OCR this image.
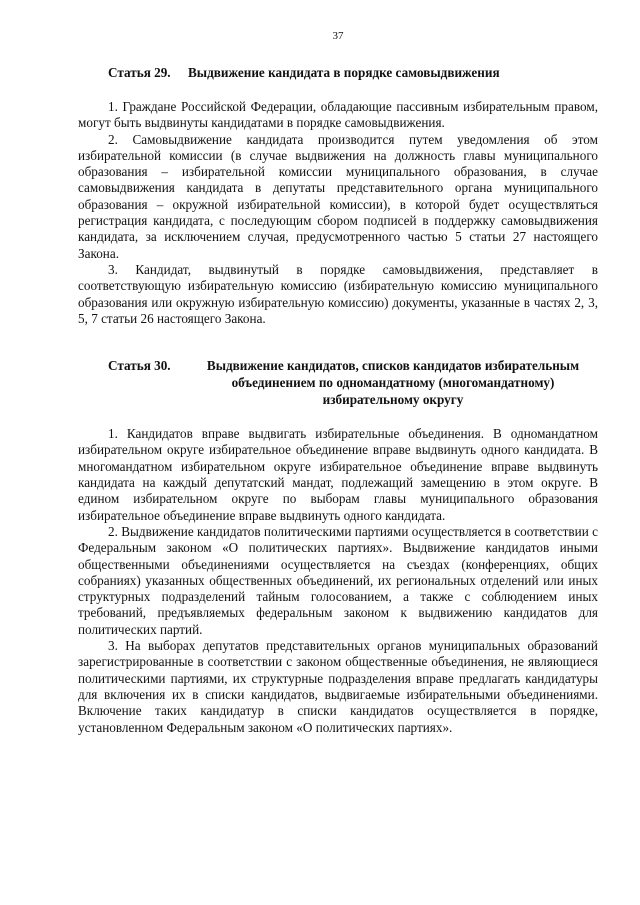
37
Статья 29.	Выдвижение кандидата в порядке самовыдвижения

1. Граждане Российской Федерации, обладающие пассивным избирательным правом, могут быть выдвинуты кандидатами в порядке самовыдвижения.

2. Самовыдвижение кандидата производится путем уведомления об этом избирательной комиссии (в случае выдвижения на должность главы муниципального образования – избирательной комиссии муниципального образования, в случае самовыдвижения кандидата в депутаты представительного органа муниципального образования – окружной избирательной комиссии), в которой будет осуществляться регистрация кандидата, с последующим сбором подписей в поддержку самовыдвижения кандидата, за исключением случая, предусмотренного частью 5 статьи 27 настоящего Закона.

3. Кандидат, выдвинутый в порядке самовыдвижения, представляет в соответствующую избирательную комиссию (избирательную комиссию муниципального образования или окружную избирательную комиссию) документы, указанные в частях 2, 3, 5, 7 статьи 26 настоящего Закона.

Статья 30.	Выдвижение кандидатов, списков кандидатов избирательным объединением по одномандатному (многомандатному) избирательному округу

1. Кандидатов вправе выдвигать избирательные объединения. В одномандатном избирательном округе избирательное объединение вправе выдвинуть одного кандидата. В многомандатном избирательном округе избирательное объединение вправе выдвинуть кандидата на каждый депутатский мандат, подлежащий замещению в этом округе. В едином избирательном округе по выборам главы муниципального образования избирательное объединение вправе выдвинуть одного кандидата.

2. Выдвижение кандидатов политическими партиями осуществляется в соответствии с Федеральным законом «О политических партиях». Выдвижение кандидатов иными общественными объединениями осуществляется на съездах (конференциях, общих собраниях) указанных общественных объединений, их региональных отделений или иных структурных подразделений тайным голосованием, а также с соблюдением иных требований, предъявляемых федеральным законом к выдвижению кандидатов для политических партий.

3. На выборах депутатов представительных органов муниципальных образований зарегистрированные в соответствии с законом общественные объединения, не являющиеся политическими партиями, их структурные подразделения вправе предлагать кандидатуры для включения их в списки кандидатов, выдвигаемые избирательными объединениями. Включение таких кандидатур в списки кандидатов осуществляется в порядке, установленном Федеральным законом «О политических партиях».
